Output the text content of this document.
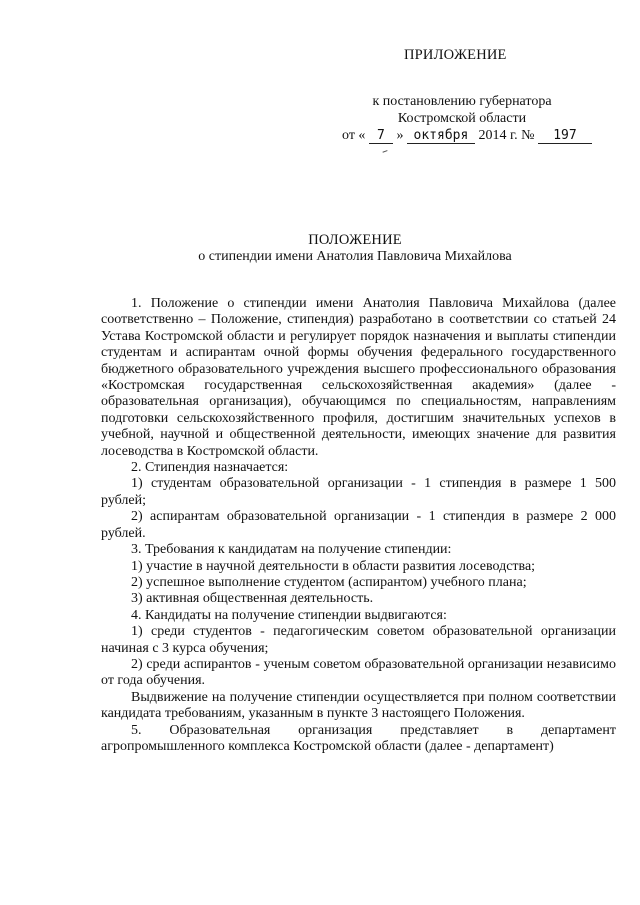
ПРИЛОЖЕНИЕ
к постановлению губернатора
Костромской области
от « 7 » октября 2014 г. № 197
ПОЛОЖЕНИЕ
о стипендии имени Анатолия Павловича Михайлова

1. Положение о стипендии имени Анатолия Павловича Михайлова (далее соответственно – Положение, стипендия) разработано в соответствии со статьей 24 Устава Костромской области и регулирует порядок назначения и выплаты стипендии студентам и аспирантам очной формы обучения федерального государственного бюджетного образовательного учреждения высшего профессионального образования «Костромская государственная сельскохозяйственная академия» (далее - образовательная организация), обучающимся по специальностям, направлениям подготовки сельскохозяйственного профиля, достигшим значительных успехов в учебной, научной и общественной деятельности, имеющих значение для развития лосеводства в Костромской области.

2. Стипендия назначается:

1) студентам образовательной организации - 1 стипендия в размере 1 500 рублей;

2) аспирантам образовательной организации - 1 стипендия в размере 2 000 рублей.

3. Требования к кандидатам на получение стипендии:

1) участие в научной деятельности в области развития лосеводства;

2) успешное выполнение студентом (аспирантом) учебного плана;

3) активная общественная деятельность.

4. Кандидаты на получение стипендии выдвигаются:

1) среди студентов - педагогическим советом образовательной организации начиная с 3 курса обучения;

2) среди аспирантов - ученым советом образовательной организации независимо от года обучения.

Выдвижение на получение стипендии осуществляется при полном соответствии кандидата требованиям, указанным в пункте 3 настоящего Положения.

5. Образовательная организация представляет в департамент агропромышленного комплекса Костромской области (далее - департамент)
